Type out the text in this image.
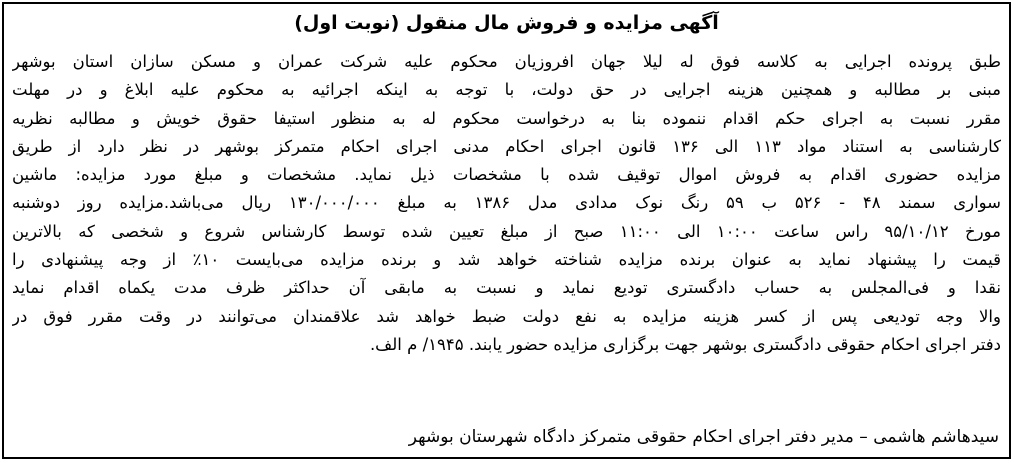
آگهی مزایده و فروش مال منقول (نوبت اول)
طبق پرونده اجرایی به کلاسه فوق له لیلا جهان افروزیان محکوم علیه شرکت عمران و مسکن سازان استان بوشهر
مبنی بر مطالبه و همچنین هزینه اجرایی در حق دولت، با توجه به اینکه اجرائیه به محکوم علیه ابلاغ و در مهلت
مقرر نسبت به اجرای حکم اقدام ننموده بنا به درخواست محکوم له به منظور استیفا حقوق خویش و مطالبه نظریه
کارشناسی به استناد مواد ۱۱۳ الی ۱۳۶ قانون اجرای احکام مدنی اجرای احکام متمرکز بوشهر در نظر دارد از طریق
مزایده حضوری اقدام به فروش اموال توقیف شده با مشخصات ذیل نماید. مشخصات و مبلغ مورد مزایده: ماشین
سواری سمند ۴۸ - ۵۲۶ ب ۵۹ رنگ نوک مدادی مدل ۱۳۸۶ به مبلغ ۱۳۰/۰۰۰/۰۰۰ ریال می‌باشد.مزایده روز دوشنبه
مورخ ۹۵/۱۰/۱۲ راس ساعت ۱۰:۰۰ الی ۱۱:۰۰ صبح از مبلغ تعیین شده توسط کارشناس شروع و شخصی که بالاترین
قیمت را پیشنهاد نماید به عنوان برنده مزایده شناخته خواهد شد و برنده مزایده می‌بایست ۱۰٪ از وجه پیشنهادی را
نقدا و فی‌المجلس به حساب دادگستری تودیع نماید و نسبت به مابقی آن حداکثر ظرف مدت یکماه اقدام نماید
والا وجه تودیعی پس از کسر هزینه مزایده به نفع دولت ضبط خواهد شد علاقمندان می‌توانند در وقت مقرر فوق در
دفتر اجرای احکام حقوقی دادگستری بوشهر جهت برگزاری مزایده حضور یابند. ۱۹۴۵/ م الف.
سیدهاشم هاشمی – مدیر دفتر اجرای احکام حقوقی متمرکز دادگاه شهرستان بوشهر
